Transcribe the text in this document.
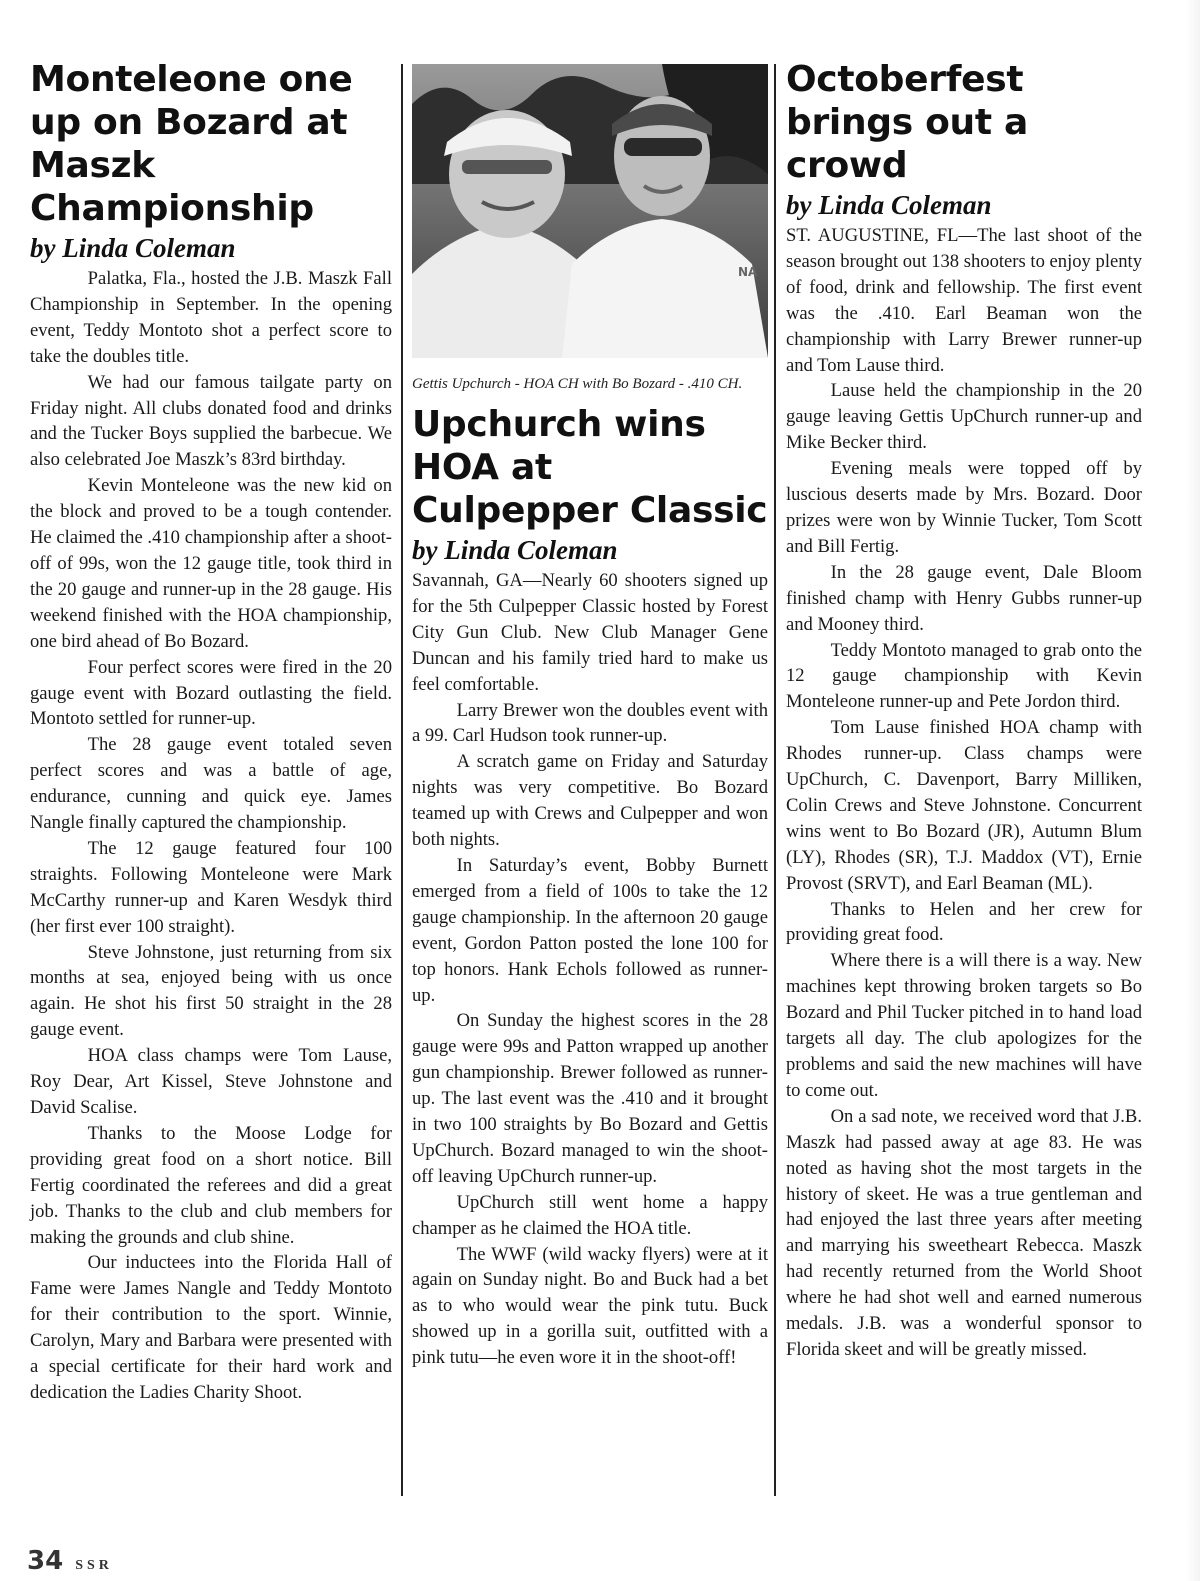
Monteleone one up on Bozard at Maszk Championship
by Linda Coleman

Palatka, Fla., hosted the J.B. Maszk Fall Championship in September. In the opening event, Teddy Montoto shot a perfect score to take the doubles title.

We had our famous tailgate party on Friday night. All clubs donated food and drinks and the Tucker Boys supplied the barbecue. We also celebrated Joe Maszk’s 83rd birthday.

Kevin Monteleone was the new kid on the block and proved to be a tough contender. He claimed the .410 championship after a shoot-off of 99s, won the 12 gauge title, took third in the 20 gauge and runner-up in the 28 gauge. His weekend finished with the HOA championship, one bird ahead of Bo Bozard.

Four perfect scores were fired in the 20 gauge event with Bozard outlasting the field. Montoto settled for runner-up.

The 28 gauge event totaled seven perfect scores and was a battle of age, endurance, cunning and quick eye. James Nangle finally captured the championship.

The 12 gauge featured four 100 straights. Following Monteleone were Mark McCarthy runner-up and Karen Wesdyk third (her first ever 100 straight).

Steve Johnstone, just returning from six months at sea, enjoyed being with us once again. He shot his first 50 straight in the 28 gauge event.

HOA class champs were Tom Lause, Roy Dear, Art Kissel, Steve Johnstone and David Scalise.

Thanks to the Moose Lodge for providing great food on a short notice. Bill Fertig coordinated the referees and did a great job. Thanks to the club and club members for making the grounds and club shine.

Our inductees into the Florida Hall of Fame were James Nangle and Teddy Montoto for their contribution to the sport. Winnie, Carolyn, Mary and Barbara were presented with a special certificate for their hard work and dedication the Ladies Charity Shoot.

NA
Gettis Upchurch - HOA CH with Bo Bozard - .410 CH.
Upchurch wins HOA at Culpepper Classic
by Linda Coleman

Savannah, GA—Nearly 60 shooters signed up for the 5th Culpepper Classic hosted by Forest City Gun Club. New Club Manager Gene Duncan and his family tried hard to make us feel comfortable.

Larry Brewer won the doubles event with a 99. Carl Hudson took runner-up.

A scratch game on Friday and Saturday nights was very competitive. Bo Bozard teamed up with Crews and Culpepper and won both nights.

In Saturday’s event, Bobby Burnett emerged from a field of 100s to take the 12 gauge championship. In the afternoon 20 gauge event, Gordon Patton posted the lone 100 for top honors. Hank Echols followed as runner-up.

On Sunday the highest scores in the 28 gauge were 99s and Patton wrapped up another gun championship. Brewer followed as runner-up. The last event was the .410 and it brought in two 100 straights by Bo Bozard and Gettis UpChurch. Bozard managed to win the shoot-off leaving UpChurch runner-up.

UpChurch still went home a happy champer as he claimed the HOA title.

The WWF (wild wacky flyers) were at it again on Sunday night. Bo and Buck had a bet as to who would wear the pink tutu. Buck showed up in a gorilla suit, outfitted with a pink tutu—he even wore it in the shoot-off!

Octoberfest brings out a crowd
by Linda Coleman

ST. AUGUSTINE, FL—The last shoot of the season brought out 138 shooters to enjoy plenty of food, drink and fellowship. The first event was the .410. Earl Beaman won the championship with Larry Brewer runner-up and Tom Lause third.

Lause held the championship in the 20 gauge leaving Gettis UpChurch runner-up and Mike Becker third.

Evening meals were topped off by luscious deserts made by Mrs. Bozard. Door prizes were won by Winnie Tucker, Tom Scott and Bill Fertig.

In the 28 gauge event, Dale Bloom finished champ with Henry Gubbs runner-up and Mooney third.

Teddy Montoto managed to grab onto the 12 gauge championship with Kevin Monteleone runner-up and Pete Jordon third.

Tom Lause finished HOA champ with Rhodes runner-up. Class champs were UpChurch, C. Davenport, Barry Milliken, Colin Crews and Steve Johnstone. Concurrent wins went to Bo Bozard (JR), Autumn Blum (LY), Rhodes (SR), T.J. Maddox (VT), Ernie Provost (SRVT), and Earl Beaman (ML).

Thanks to Helen and her crew for providing great food.

Where there is a will there is a way. New machines kept throwing broken targets so Bo Bozard and Phil Tucker pitched in to hand load targets all day. The club apologizes for the problems and said the new machines will have to come out.

On a sad note, we received word that J.B. Maszk had passed away at age 83. He was noted as having shot the most targets in the history of skeet. He was a true gentleman and had enjoyed the last three years after meeting and marrying his sweetheart Rebecca. Maszk had recently returned from the World Shoot where he had shot well and earned numerous medals. J.B. was a wonderful sponsor to Florida skeet and will be greatly missed.

34 SSR
